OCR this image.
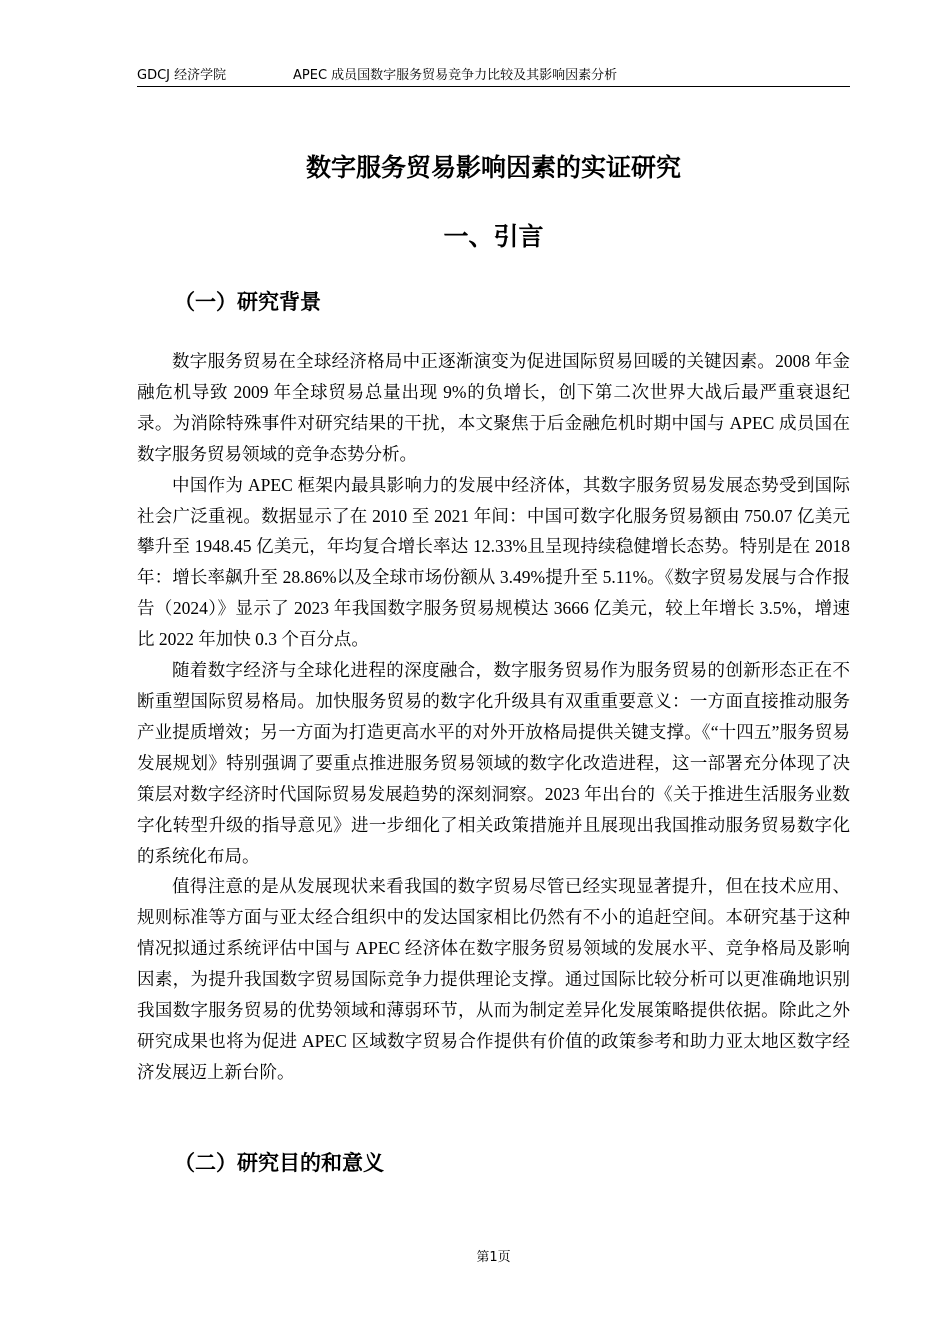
GDCJ 经济学院	APEC 成员国数字服务贸易竞争力比较及其影响因素分析
数字服务贸易影响因素的实证研究
一、引言
（一）研究背景

数字服务贸易在全球经济格局中正逐渐演变为促进国际贸易回暖的关键因素。2008 年金融危机导致 2009 年全球贸易总量出现 9%的负增长，创下第二次世界大战后最严重衰退纪录。为消除特殊事件对研究结果的干扰，本文聚焦于后金融危机时期中国与 APEC 成员国在数字服务贸易领域的竞争态势分析。

中国作为 APEC 框架内最具影响力的发展中经济体，其数字服务贸易发展态势受到国际社会广泛重视。数据显示了在 2010 至 2021 年间：中国可数字化服务贸易额由 750.07 亿美元攀升至 1948.45 亿美元，年均复合增长率达 12.33%且呈现持续稳健增长态势。特别是在 2018 年：增长率飙升至 28.86%以及全球市场份额从 3.49%提升至 5.11%。《数字贸易发展与合作报告（2024）》显示了 2023 年我国数字服务贸易规模达 3666 亿美元，较上年增长 3.5%，增速比 2022 年加快 0.3 个百分点。

随着数字经济与全球化进程的深度融合，数字服务贸易作为服务贸易的创新形态正在不断重塑国际贸易格局。加快服务贸易的数字化升级具有双重重要意义：一方面直接推动服务产业提质增效；另一方面为打造更高水平的对外开放格局提供关键支撑。《“十四五”服务贸易发展规划》特别强调了要重点推进服务贸易领域的数字化改造进程，这一部署充分体现了决策层对数字经济时代国际贸易发展趋势的深刻洞察。2023 年出台的《关于推进生活服务业数字化转型升级的指导意见》进一步细化了相关政策措施并且展现出我国推动服务贸易数字化的系统化布局。

值得注意的是从发展现状来看我国的数字贸易尽管已经实现显著提升，但在技术应用、规则标准等方面与亚太经合组织中的发达国家相比仍然有不小的追赶空间。本研究基于这种情况拟通过系统评估中国与 APEC 经济体在数字服务贸易领域的发展水平、竞争格局及影响因素，为提升我国数字贸易国际竞争力提供理论支撑。通过国际比较分析可以更准确地识别我国数字服务贸易的优势领域和薄弱环节，从而为制定差异化发展策略提供依据。除此之外研究成果也将为促进 APEC 区域数字贸易合作提供有价值的政策参考和助力亚太地区数字经济发展迈上新台阶。

（二）研究目的和意义
第1页
